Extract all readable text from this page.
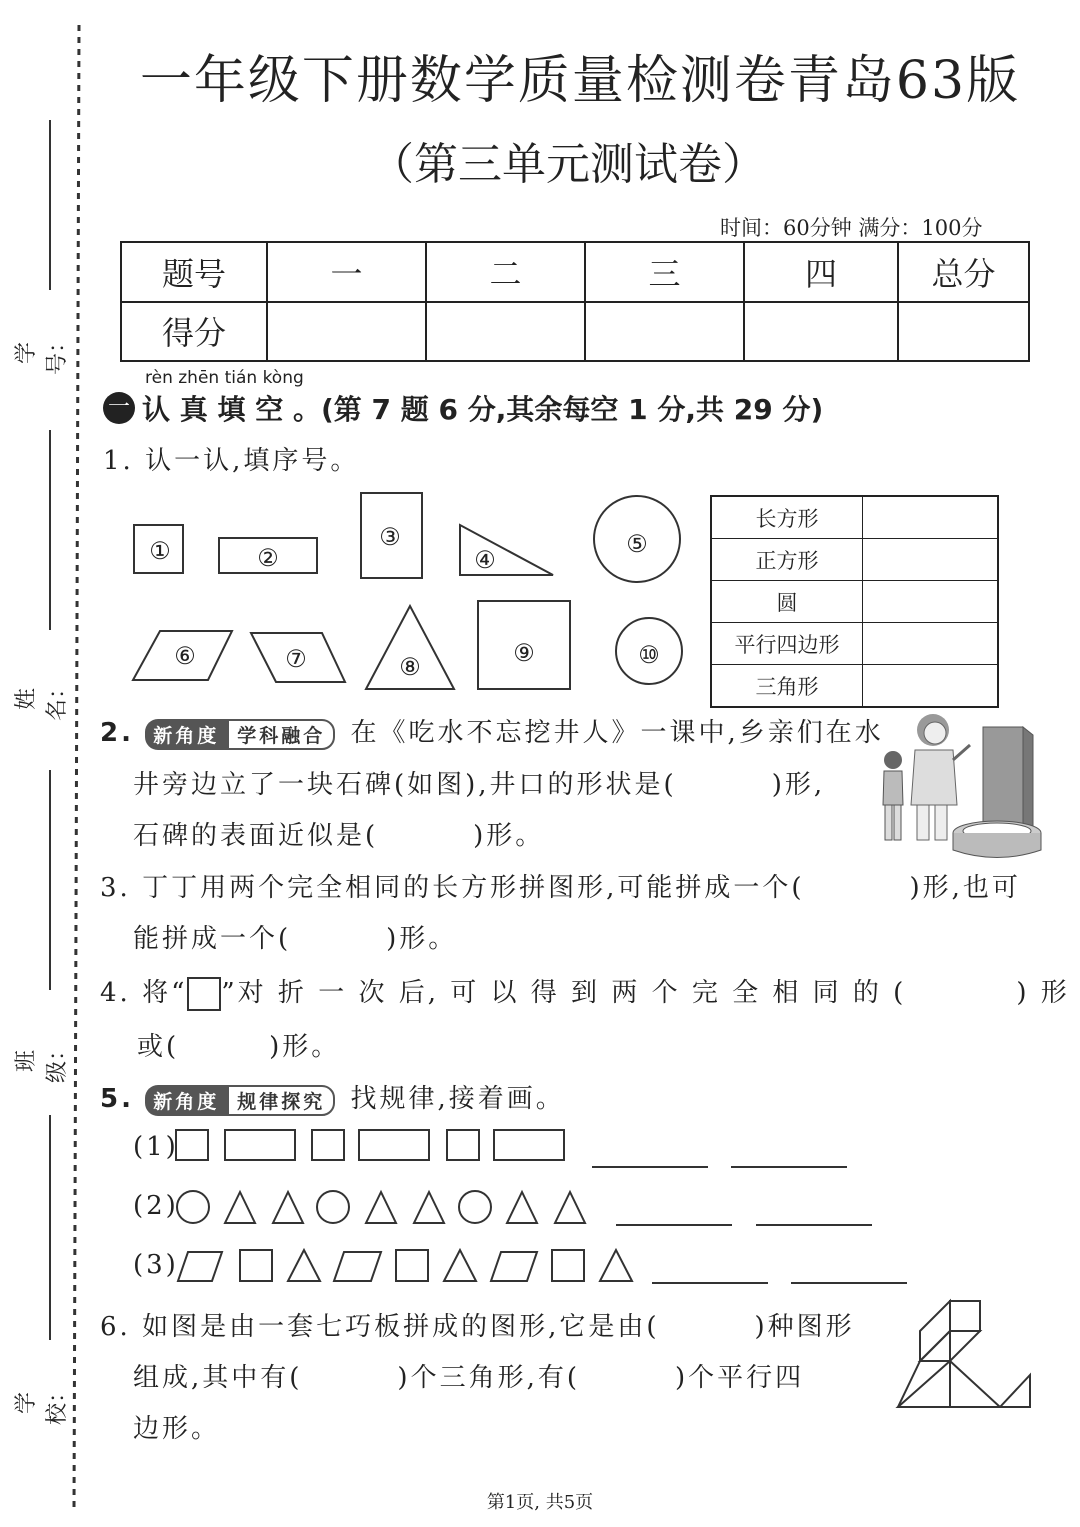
学号：
姓名：
班级：
学校：
一年级下册数学质量检测卷青岛63版
（第三单元测试卷）
时间：60分钟 满分：100分
题号	一	二	三	四	总分
得分					
rèn zhēn tián kòng
一 认 真 填 空 。(第 7 题 6 分,其余每空 1 分,共 29 分)
1. 认一认,填序号。
①	②
③
④
⑤
⑥	⑦	⑧	⑨	⑩
长方形	
正方形	
圆	
平行四边形	
三角形	
2. 新角度 学科融合 在《吃水不忘挖井人》一课中,乡亲们在水
井旁边立了一块石碑(如图),井口的形状是(	)形,
石碑的表面近似是(	)形。
3. 丁丁用两个完全相同的长方形拼图形,可能拼成一个(	)形,也可
能拼成一个(	)形。
4. 将“ ”对 折 一 次 后, 可 以 得 到 两 个 完 全 相 同 的 (	) 形
或(	)形。
5. 新角度 规律探究 找规律,接着画。
(1)
(2)
(3)
6. 如图是由一套七巧板拼成的图形,它是由(	)种图形
组成,其中有(	)个三角形,有(	)个平行四
边形。
第1页, 共5页
